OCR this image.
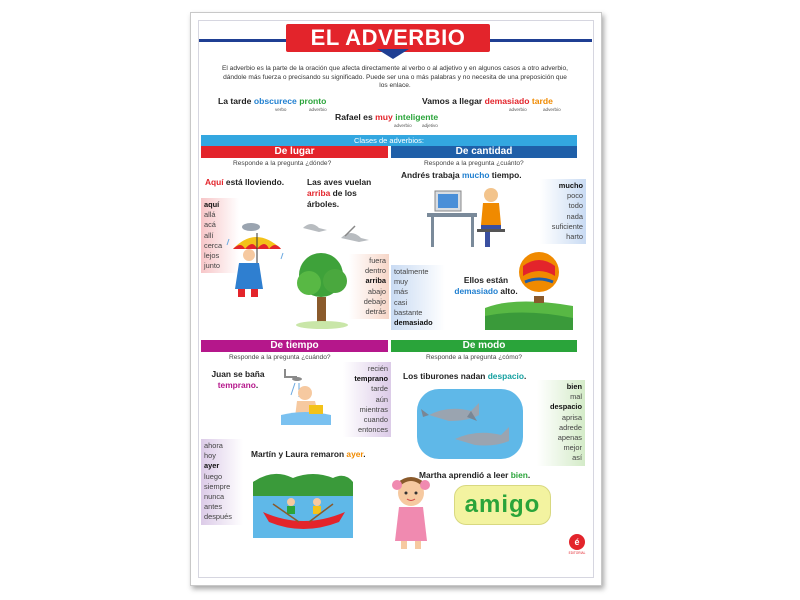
EL ADVERBIO
El adverbio es la parte de la oración que afecta directamente al verbo o al adjetivo y en algunos casos a otro adverbio, dándole más fuerza o precisando su significado. Puede ser una o más palabras y no necesita de una preposición que los enlace.
La tarde obscurece pronto
verbo	adverbio
Vamos a llegar demasiado tarde
adverbio	adverbio
Rafael es muy inteligente
adverbio adjetivo
Clases de adverbios:
De lugar
Responde a la pregunta ¿dónde?
Aquí está lloviendo.	Las aves vuelan
arriba de los árboles.
aquí
allá
acá
allí
cerca
lejos
junto
fuera
dentro
arriba
abajo
debajo
detrás
De cantidad
Responde a la pregunta ¿cuánto?
Andrés trabaja mucho tiempo.
mucho
poco
todo
nada
suficiente
harto
totalmente
muy
más
casi
bastante
demasiado
Ellos están
demasiado alto.
De tiempo
Responde a la pregunta ¿cuándo?
Juan se baña
temprano.
recién
temprano
tarde
aún
mientras
cuando
entonces
ahora
hoy
ayer
luego
siempre
nunca
antes
después
Martín y Laura remaron ayer.
De modo
Responde a la pregunta ¿cómo?
Los tiburones nadan despacio.
bien
mal
despacio
aprisa
adrede
apenas
mejor
así
Martha aprendió a leer bien.
amigo
é
EDITORIAL
